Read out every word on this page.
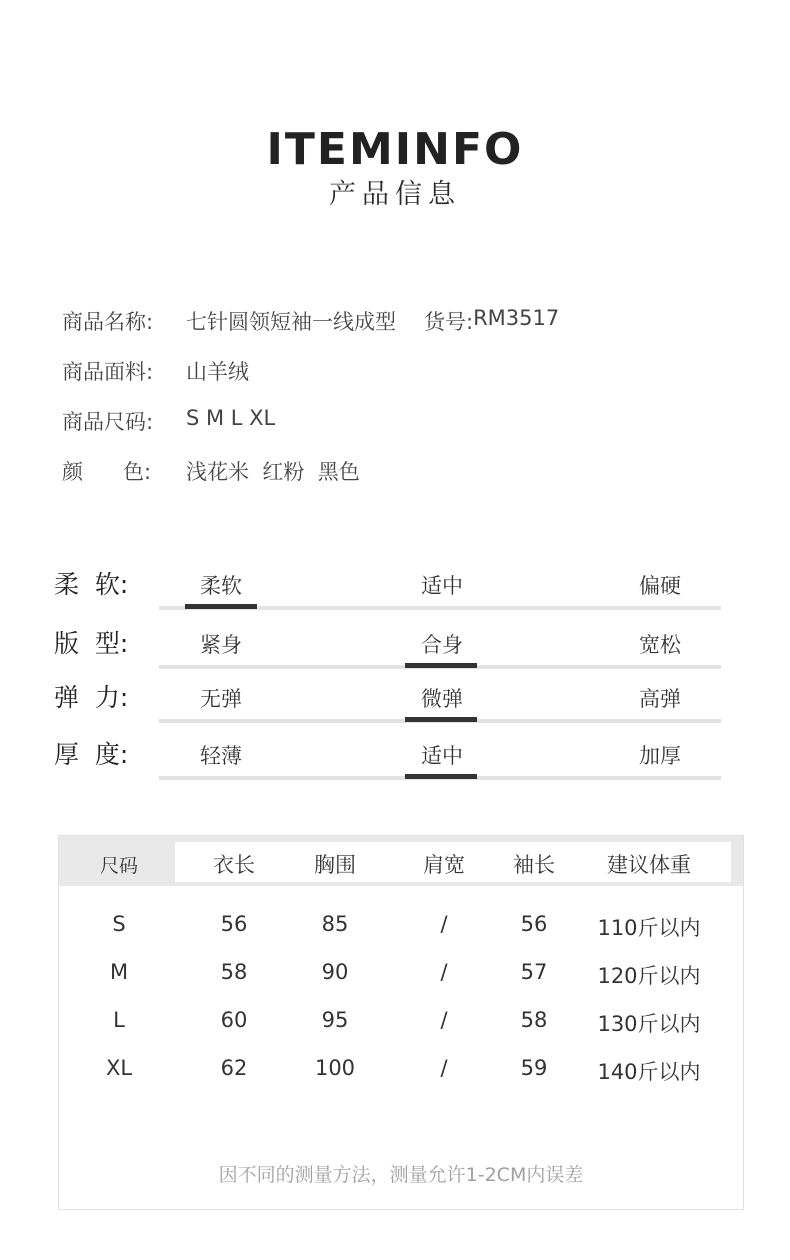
ITEMINFO
产品信息
商品名称:	七针圆领短袖一线成型 货号: RM3517
商品面料:	山羊绒
商品尺码:	S M L XL
颜      色:	浅花米  红粉  黑色
柔  软:	柔软	适中	偏硬
版  型:	紧身	合身	宽松
弹  力:	无弹	微弹	高弹
厚  度:	轻薄	适中	加厚
尺码	衣长	胸围	肩宽	袖长	建议体重
S	56	85	/	56	110斤以内
M	58	90	/	57	120斤以内
L	60	95	/	58	130斤以内
XL	62	100	/	59	140斤以内
因不同的测量方法，测量允许1-2CM内误差
